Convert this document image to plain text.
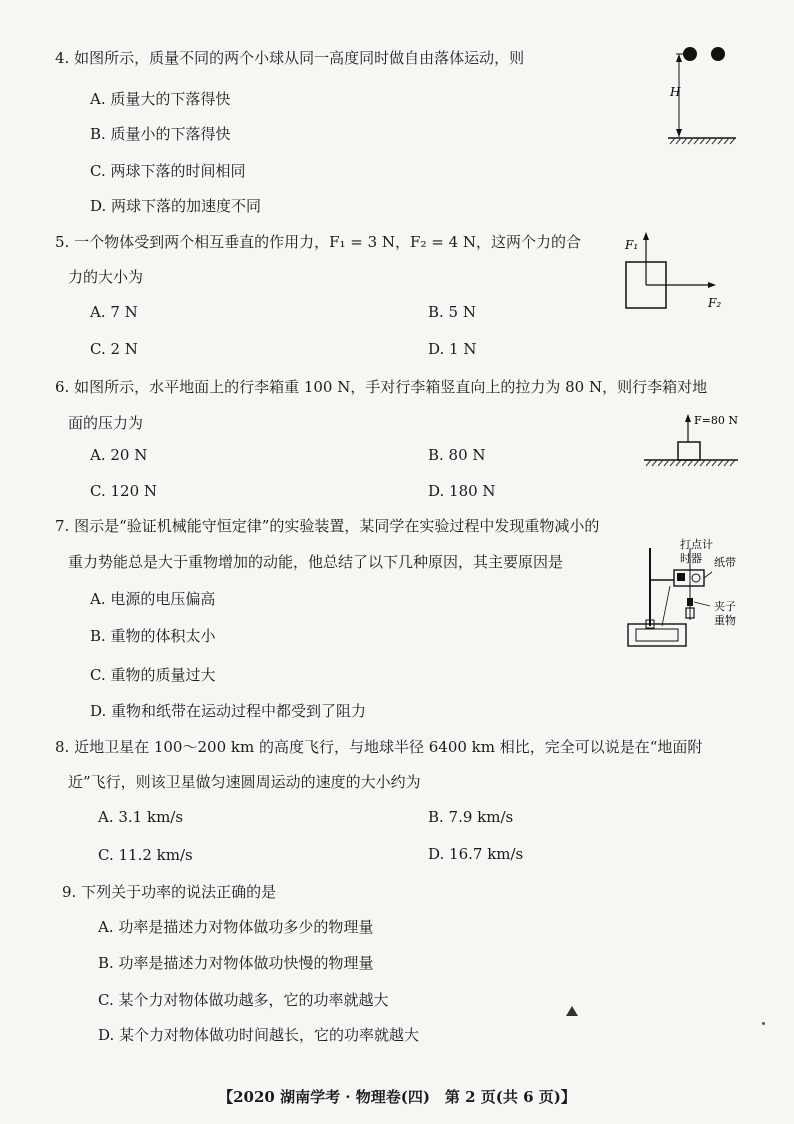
4. 如图所示，质量不同的两个小球从同一高度同时做自由落体运动，则
A. 质量大的下落得快
B. 质量小的下落得快
C. 两球下落的时间相同
D. 两球下落的加速度不同
H
5. 一个物体受到两个相互垂直的作用力，F₁ = 3 N，F₂ = 4 N，这两个力的合
力的大小为
A. 7 N	B. 5 N
C. 2 N	D. 1 N
F₁
F₂
6. 如图所示，水平地面上的行李箱重 100 N，手对行李箱竖直向上的拉力为 80 N，则行李箱对地
面的压力为
A. 20 N	B. 80 N
C. 120 N	D. 180 N
F=80 N
7. 图示是“验证机械能守恒定律”的实验装置，某同学在实验过程中发现重物减小的
重力势能总是大于重物增加的动能，他总结了以下几种原因，其主要原因是
A. 电源的电压偏高
B. 重物的体积太小
C. 重物的质量过大
D. 重物和纸带在运动过程中都受到了阻力
打点计
时器 纸带
夹子
重物
8. 近地卫星在 100～200 km 的高度飞行，与地球半径 6400 km 相比，完全可以说是在“地面附
近”飞行，则该卫星做匀速圆周运动的速度的大小约为
A. 3.1 km/s	B. 7.9 km/s
C. 11.2 km/s	D. 16.7 km/s
9. 下列关于功率的说法正确的是
A. 功率是描述力对物体做功多少的物理量
B. 功率是描述力对物体做功快慢的物理量
C. 某个力对物体做功越多，它的功率就越大
D. 某个力对物体做功时间越长，它的功率就越大
【2020 湖南学考 · 物理卷(四)　第 2 页(共 6 页)】
